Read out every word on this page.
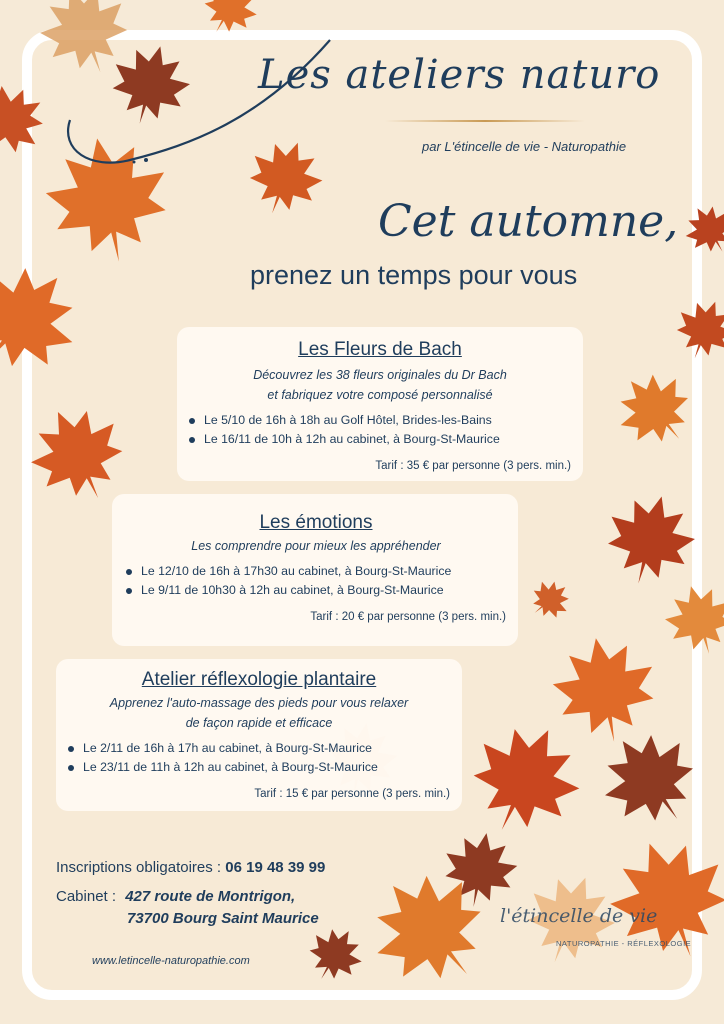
Les ateliers naturo
par L'étincelle de vie - Naturopathie
Cet automne,
prenez un temps pour vous
Les Fleurs de Bach
Découvrez les 38 fleurs originales du Dr Bach
et fabriquez votre composé personnalisé
Le 5/10 de 16h à 18h au Golf Hôtel, Brides-les-Bains
Le 16/11 de 10h à 12h au cabinet, à Bourg-St-Maurice
Tarif : 35 € par personne (3 pers. min.)
Les émotions
Les comprendre pour mieux les appréhender
Le 12/10 de 16h à 17h30 au cabinet, à Bourg-St-Maurice
Le 9/11 de 10h30 à 12h au cabinet, à Bourg-St-Maurice
Tarif : 20 € par personne (3 pers. min.)
Atelier réflexologie plantaire
Apprenez l'auto-massage des pieds pour vous relaxer
de façon rapide et efficace
Le 2/11 de 16h à 17h au cabinet, à Bourg-St-Maurice
Le 23/11 de 11h à 12h au cabinet, à Bourg-St-Maurice
Tarif : 15 € par personne (3 pers. min.)
Inscriptions obligatoires : 06 19 48 39 99
Cabinet : 427 route de Montrigon,
73700 Bourg Saint Maurice
www.letincelle-naturopathie.com
l'étincelle de vie
NATUROPATHIE - RÉFLEXOLOGIE
